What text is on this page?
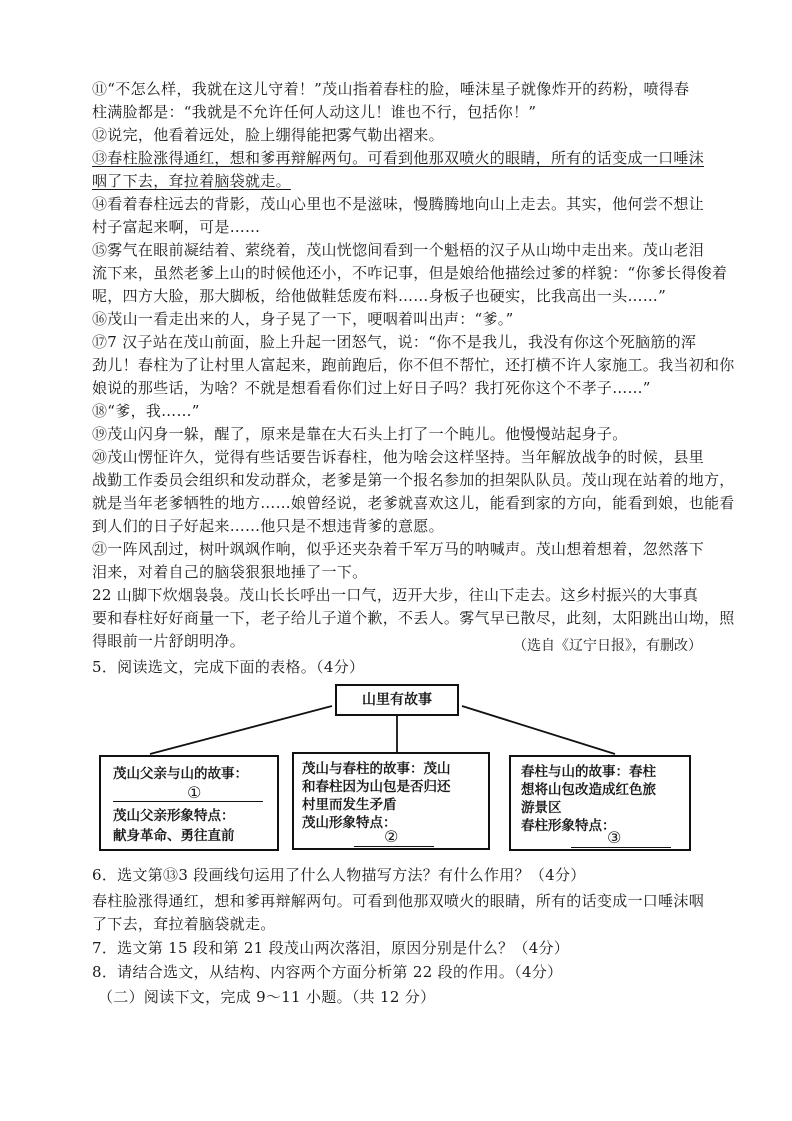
⑪“不怎么样，我就在这儿守着！”茂山指着春柱的脸，唾沫星子就像炸开的药粉，喷得春
柱满脸都是：“我就是不允许任何人动这儿！谁也不行，包括你！”
⑫说完，他看着远处，脸上绷得能把雾气勒出褶来。
⑬春柱脸涨得通红，想和爹再辩解两句。可看到他那双喷火的眼睛，所有的话变成一口唾沫
咽了下去，耷拉着脑袋就走。
⑭看着春柱远去的背影，茂山心里也不是滋味，慢腾腾地向山上走去。其实，他何尝不想让
村子富起来啊，可是……
⑮雾气在眼前凝结着、萦绕着，茂山恍惚间看到一个魁梧的汉子从山坳中走出来。茂山老泪
流下来，虽然老爹上山的时候他还小，不咋记事，但是娘给他描绘过爹的样貌：“你爹长得俊着
呢，四方大脸，那大脚板，给他做鞋恁废布料……身板子也硬实，比我高出一头……”
⑯茂山一看走出来的人，身子晃了一下，哽咽着叫出声：“爹。”
⑰7 汉子站在茂山前面，脸上升起一团怒气，说：“你不是我儿，我没有你这个死脑筋的浑
劲儿！春柱为了让村里人富起来，跑前跑后，你不但不帮忙，还打横不许人家施工。我当初和你
娘说的那些话，为啥？不就是想看看你们过上好日子吗？我打死你这个不孝子……”
⑱“爹，我……”
⑲茂山闪身一躲，醒了，原来是靠在大石头上打了一个盹儿。他慢慢站起身子。
⑳茂山愣怔许久，觉得有些话要告诉春柱，他为啥会这样坚持。当年解放战争的时候，县里
战勤工作委员会组织和发动群众，老爹是第一个报名参加的担架队队员。茂山现在站着的地方，
就是当年老爹牺牲的地方……娘曾经说，老爹就喜欢这儿，能看到家的方向，能看到娘，也能看
到人们的日子好起来……他只是不想违背爹的意愿。
㉑一阵风刮过，树叶飒飒作响，似乎还夹杂着千军万马的呐喊声。茂山想着想着，忽然落下
泪来，对着自己的脑袋狠狠地捶了一下。
22 山脚下炊烟袅袅。茂山长长呼出一口气，迈开大步，往山下走去。这乡村振兴的大事真
要和春柱好好商量一下，老子给儿子道个歉，不丢人。雾气早已散尽，此刻，太阳跳出山坳，照
得眼前一片舒朗明净。	（选自《辽宁日报》，有删改）
5．阅读选文，完成下面的表格。（4分）
山里有故事
茂山父亲与山的故事：
①
茂山父亲形象特点：
献身革命、勇往直前
茂山与春柱的故事：茂山
和春柱因为山包是否归还
村里而发生矛盾
茂山形象特点：
②
春柱与山的故事：春柱
想将山包改造成红色旅
游景区
春柱形象特点：
③
6．选文第⑬3 段画线句运用了什么人物描写方法？有什么作用？（4分）
春柱脸涨得通红，想和爹再辩解两句。可看到他那双喷火的眼睛，所有的话变成一口唾沫咽
了下去，耷拉着脑袋就走。
7．选文第 15 段和第 21 段茂山两次落泪，原因分别是什么？（4分）
8．请结合选文，从结构、内容两个方面分析第 22 段的作用。（4分）
（二）阅读下文，完成 9～11 小题。（共 12 分）
